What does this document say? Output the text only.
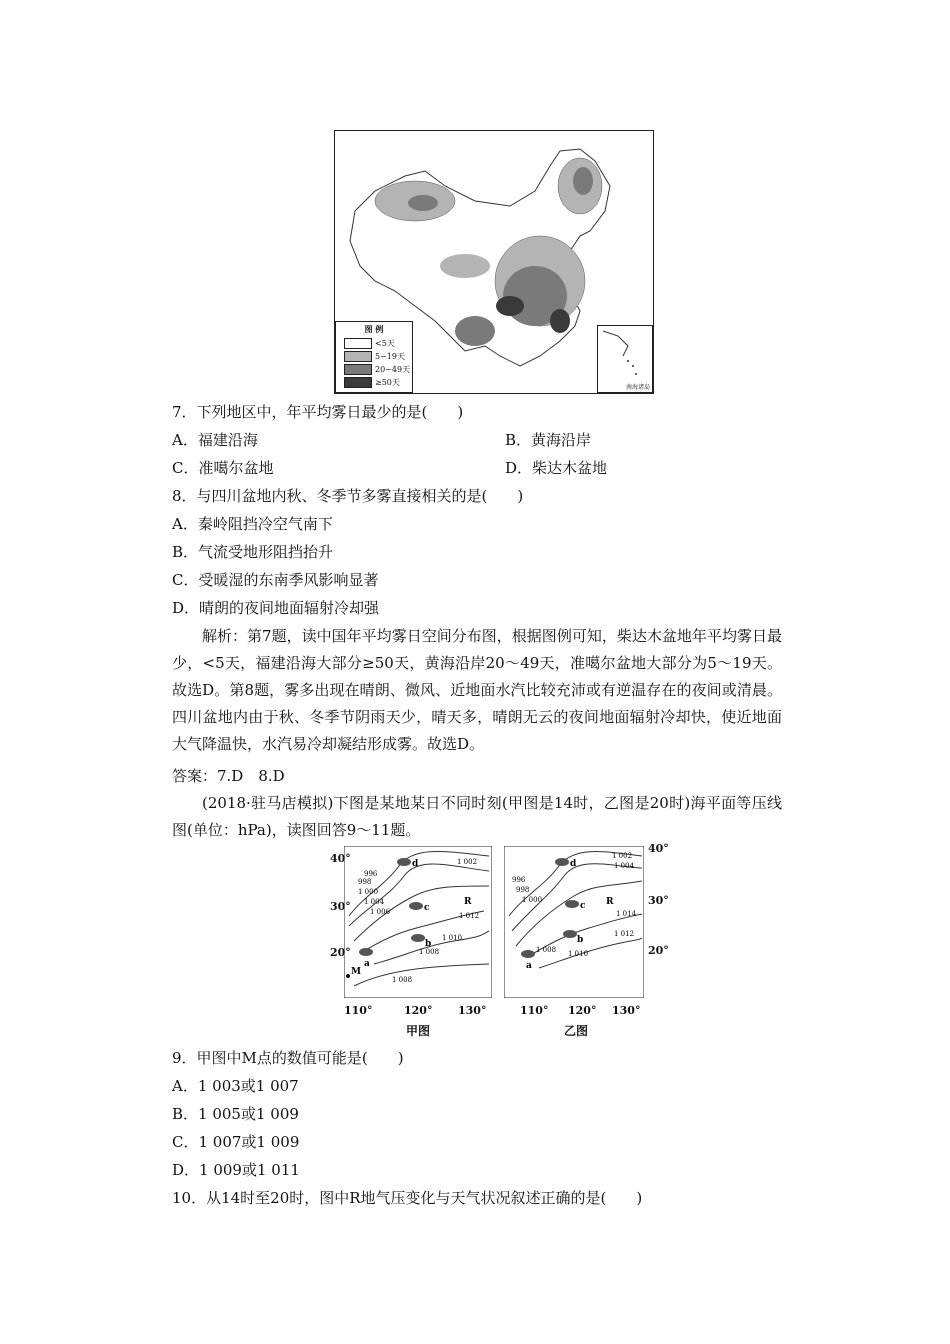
图 例
<5天
5~19天
20~49天
≥50天
南海诸岛
7．下列地区中，年平均雾日最少的是(　　)
A．福建沿海	B．黄海沿岸
C．准噶尔盆地	D．柴达木盆地
8．与四川盆地内秋、冬季节多雾直接相关的是(　　)
A．秦岭阻挡冷空气南下
B．气流受地形阻挡抬升
C．受暖湿的东南季风影响显著
D．晴朗的夜间地面辐射冷却强
解析：第7题，读中国年平均雾日空间分布图，根据图例可知，柴达木盆地年平均雾日最少，<5天，福建沿海大部分≥50天，黄海沿岸20～49天，准噶尔盆地大部分为5～19天。故选D。第8题，雾多出现在晴朗、微风、近地面水汽比较充沛或有逆温存在的夜间或清晨。四川盆地内由于秋、冬季节阴雨天少，晴天多，晴朗无云的夜间地面辐射冷却快，使近地面大气降温快，水汽易冷却凝结形成雾。故选D。
答案：7.D　8.D
(2018·驻马店模拟)下图是某地某日不同时刻(甲图是14时，乙图是20时)海平面等压线图(单位：hPa)，读图回答9～11题。
40°
30°
20°
d
c
b
a
R
M
1 002
996
998
1 000
1 004
1 006	1 012
1 010
1 008
1 008
110°	120° 130°
甲图
d
c
b
a
R
1 002
1 004
996
998
1 000
1 014
1 012
1 010
1 008
40°
30°
20°
110° 120° 130°
乙图
9．甲图中M点的数值可能是(　　)
A．1 003或1 007
B．1 005或1 009
C．1 007或1 009
D．1 009或1 011
10．从14时至20时，图中R地气压变化与天气状况叙述正确的是(　　)
